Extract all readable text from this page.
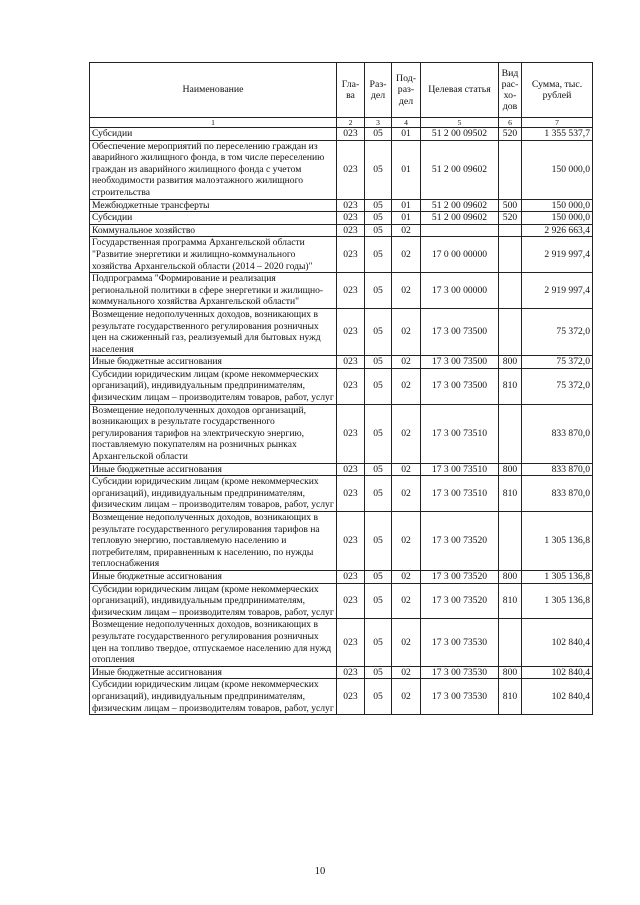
Наименование	Гла- ва	Раз- дел	Под- раз- дел	Целевая статья	Вид рас- хо- дов	Сумма, тыс. рублей
1	2	3	4	5	6	7
Субсидии	023	05	01	51 2 00 09502	520	1 355 537,7
Обеспечение мероприятий по переселению граждан из аварийного жилищного фонда, в том числе переселению граждан из аварийного жилищного фонда с учетом необходимости развития малоэтажного жилищного строительства	023	05	01	51 2 00 09602		150 000,0
Межбюджетные трансферты	023	05	01	51 2 00 09602	500	150 000,0
Субсидии	023	05	01	51 2 00 09602	520	150 000,0
Коммунальное хозяйство	023	05	02			2 926 663,4
Государственная программа Архангельской области "Развитие энергетики и жилищно-коммунального хозяйства Архангельской области (2014 – 2020 годы)"	023	05	02	17 0 00 00000		2 919 997,4
Подпрограмма "Формирование и реализация региональной политики в сфере энергетики и жилищно-коммунального хозяйства Архангельской области"	023	05	02	17 3 00 00000		2 919 997,4
Возмещение недополученных доходов, возникающих в результате государственного регулирования розничных цен на сжиженный газ, реализуемый для бытовых нужд населения	023	05	02	17 3 00 73500		75 372,0
Иные бюджетные ассигнования	023	05	02	17 3 00 73500	800	75 372,0
Субсидии юридическим лицам (кроме некоммерческих организаций), индивидуальным предпринимателям, физическим лицам – производителям товаров, работ, услуг	023	05	02	17 3 00 73500	810	75 372,0
Возмещение недополученных доходов организаций, возникающих в результате государственного регулирования тарифов на электрическую энергию, поставляемую покупателям на розничных рынках Архангельской области	023	05	02	17 3 00 73510		833 870,0
Иные бюджетные ассигнования	023	05	02	17 3 00 73510	800	833 870,0
Субсидии юридическим лицам (кроме некоммерческих организаций), индивидуальным предпринимателям, физическим лицам – производителям товаров, работ, услуг	023	05	02	17 3 00 73510	810	833 870,0
Возмещение недополученных доходов, возникающих в результате государственного регулирования тарифов на тепловую энергию, поставляемую населению и потребителям, приравненным к населению, по нужды теплоснабжения	023	05	02	17 3 00 73520		1 305 136,8
Иные бюджетные ассигнования	023	05	02	17 3 00 73520	800	1 305 136,8
Субсидии юридическим лицам (кроме некоммерческих организаций), индивидуальным предпринимателям, физическим лицам – производителям товаров, работ, услуг	023	05	02	17 3 00 73520	810	1 305 136,8
Возмещение недополученных доходов, возникающих в результате государственного регулирования розничных цен на топливо твердое, отпускаемое населению для нужд отопления	023	05	02	17 3 00 73530		102 840,4
Иные бюджетные ассигнования	023	05	02	17 3 00 73530	800	102 840,4
Субсидии юридическим лицам (кроме некоммерческих организаций), индивидуальным предпринимателям, физическим лицам – производителям товаров, работ, услуг	023	05	02	17 3 00 73530	810	102 840,4
10
